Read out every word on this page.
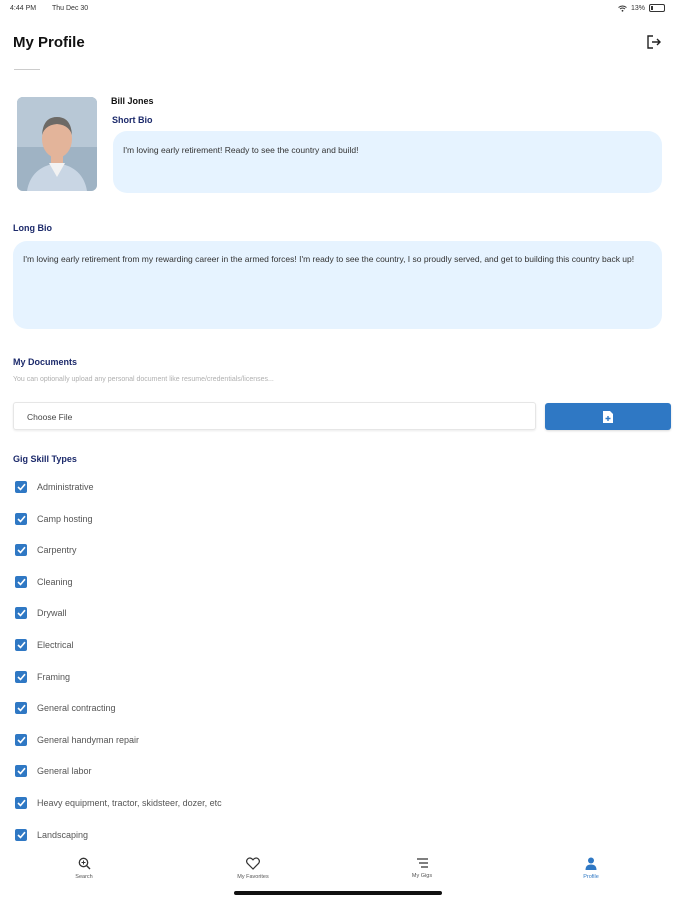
4:44 PM Thu Dec 30	13%
My Profile
Bill Jones
Short Bio
I'm loving early retirement! Ready to see the country and build!
Long Bio
I'm loving early retirement from my rewarding career in the armed forces! I'm ready to see the country, I so proudly served, and get to building this country back up!
My Documents
You can optionally upload any personal document like resume/credentials/licenses...
Choose File
Gig Skill Types
Administrative
Camp hosting
Carpentry
Cleaning
Drywall
Electrical
Framing
General contracting
General handyman repair
General labor
Heavy equipment, tractor, skidsteer, dozer, etc
Landscaping
Search	My Favorites	My Gigs	Profile
